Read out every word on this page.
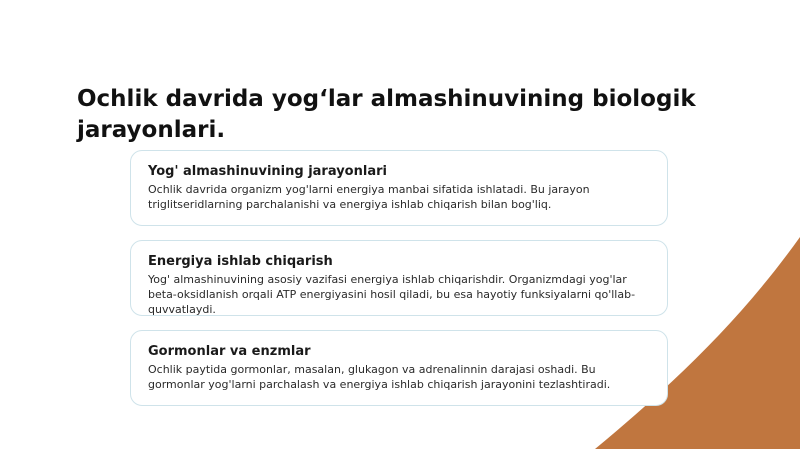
Ochlik davrida yog‘lar almashinuvining biologik jarayonlari.
Yog' almashinuvining jarayonlari

Ochlik davrida organizm yog'larni energiya manbai sifatida ishlatadi. Bu jarayon triglitseridlarning parchalanishi va energiya ishlab chiqarish bilan bog'liq.

Energiya ishlab chiqarish

Yog' almashinuvining asosiy vazifasi energiya ishlab chiqarishdir. Organizmdagi yog'lar beta-oksidlanish orqali ATP energiyasini hosil qiladi, bu esa hayotiy funksiyalarni qo'llab-quvvatlaydi.

Gormonlar va enzmlar

Ochlik paytida gormonlar, masalan, glukagon va adrenalinnin darajasi oshadi. Bu gormonlar yog'larni parchalash va energiya ishlab chiqarish jarayonini tezlashtiradi.
